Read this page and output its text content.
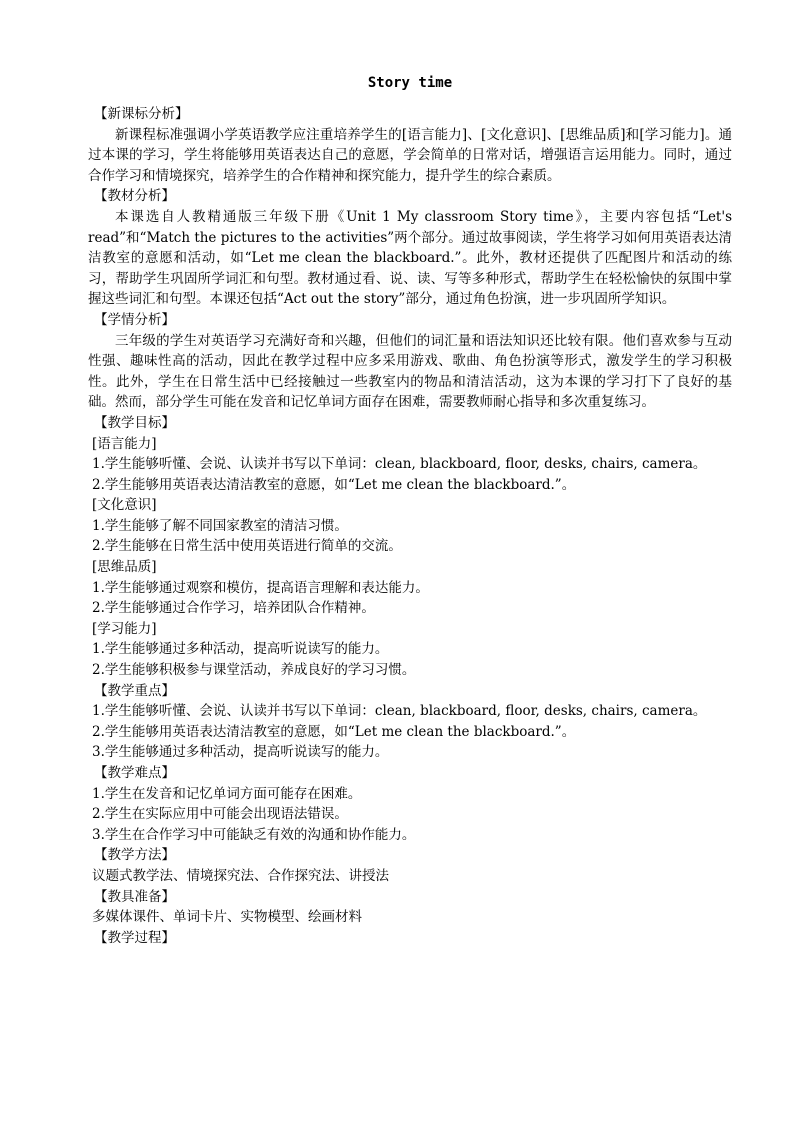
Story time
【新课标分析】

新课程标准强调小学英语教学应注重培养学生的[语言能力]、[文化意识]、[思维品质]和[学习能力]。通过本课的学习，学生将能够用英语表达自己的意愿，学会简单的日常对话，增强语言运用能力。同时，通过合作学习和情境探究，培养学生的合作精神和探究能力，提升学生的综合素质。

【教材分析】

本课选自人教精通版三年级下册《Unit 1 My classroom Story time》，主要内容包括“Let's read”和“Match the pictures to the activities”两个部分。通过故事阅读，学生将学习如何用英语表达清洁教室的意愿和活动，如“Let me clean the blackboard.”。此外，教材还提供了匹配图片和活动的练习，帮助学生巩固所学词汇和句型。教材通过看、说、读、写等多种形式，帮助学生在轻松愉快的氛围中掌握这些词汇和句型。本课还包括“Act out the story”部分，通过角色扮演，进一步巩固所学知识。

【学情分析】

三年级的学生对英语学习充满好奇和兴趣，但他们的词汇量和语法知识还比较有限。他们喜欢参与互动性强、趣味性高的活动，因此在教学过程中应多采用游戏、歌曲、角色扮演等形式，激发学生的学习积极性。此外，学生在日常生活中已经接触过一些教室内的物品和清洁活动，这为本课的学习打下了良好的基础。然而，部分学生可能在发音和记忆单词方面存在困难，需要教师耐心指导和多次重复练习。

【教学目标】
[语言能力]
1.学生能够听懂、会说、认读并书写以下单词：clean, blackboard, floor, desks, chairs, camera。
2.学生能够用英语表达清洁教室的意愿，如“Let me clean the blackboard.”。
[文化意识]
1.学生能够了解不同国家教室的清洁习惯。
2.学生能够在日常生活中使用英语进行简单的交流。
[思维品质]
1.学生能够通过观察和模仿，提高语言理解和表达能力。
2.学生能够通过合作学习，培养团队合作精神。
[学习能力]
1.学生能够通过多种活动，提高听说读写的能力。
2.学生能够积极参与课堂活动，养成良好的学习习惯。
【教学重点】
1.学生能够听懂、会说、认读并书写以下单词：clean, blackboard, floor, desks, chairs, camera。
2.学生能够用英语表达清洁教室的意愿，如“Let me clean the blackboard.”。
3.学生能够通过多种活动，提高听说读写的能力。
【教学难点】
1.学生在发音和记忆单词方面可能存在困难。
2.学生在实际应用中可能会出现语法错误。
3.学生在合作学习中可能缺乏有效的沟通和协作能力。
【教学方法】
议题式教学法、情境探究法、合作探究法、讲授法
【教具准备】
多媒体课件、单词卡片、实物模型、绘画材料
【教学过程】
